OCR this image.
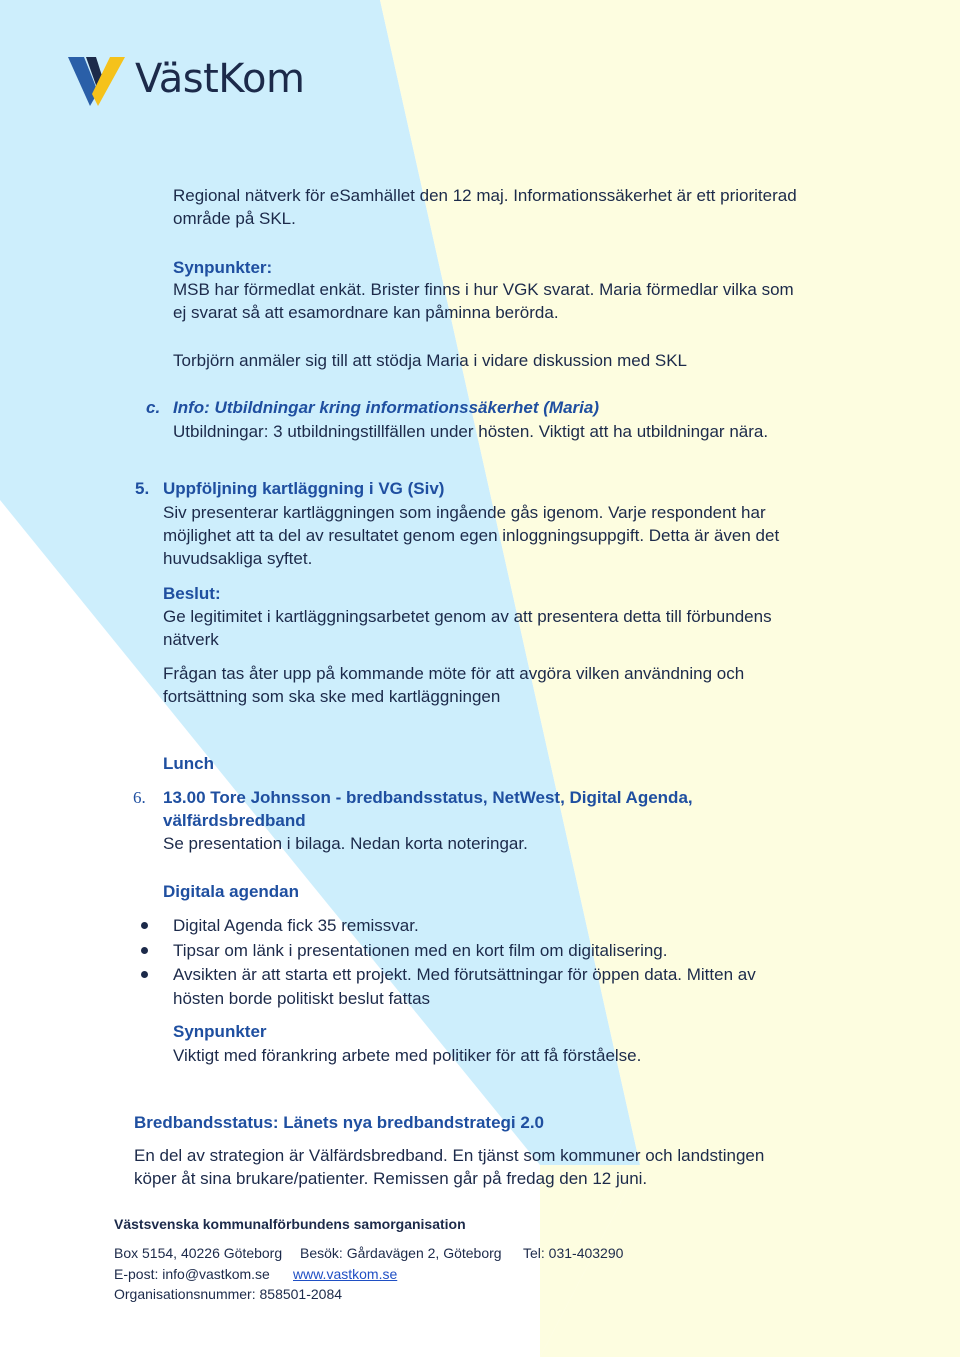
VästKom
Regional nätverk för eSamhället den 12 maj. Informationssäkerhet är ett prioriterad
område på SKL.
Synpunkter:
MSB har förmedlat enkät. Brister finns i hur VGK svarat. Maria förmedlar vilka som
ej svarat så att esamordnare kan påminna berörda.
Torbjörn anmäler sig till att stödja Maria i vidare diskussion med SKL
c. Info: Utbildningar kring informationssäkerhet (Maria)
Utbildningar: 3 utbildningstillfällen under hösten. Viktigt att ha utbildningar nära.
5. Uppföljning kartläggning i VG (Siv)
Siv presenterar kartläggningen som ingående gås igenom. Varje respondent har
möjlighet att ta del av resultatet genom egen inloggningsuppgift. Detta är även det
huvudsakliga syftet.
Beslut:
Ge legitimitet i kartläggningsarbetet genom av att presentera detta till förbundens
nätverk
Frågan tas åter upp på kommande möte för att avgöra vilken användning och
fortsättning som ska ske med kartläggningen
Lunch
6. 13.00 Tore Johnsson - bredbandsstatus, NetWest, Digital Agenda,
välfärdsbredband
Se presentation i bilaga. Nedan korta noteringar.
Digitala agendan
Digital Agenda fick 35 remissvar.
Tipsar om länk i presentationen med en kort film om digitalisering.
Avsikten är att starta ett projekt. Med förutsättningar för öppen data. Mitten av
hösten borde politiskt beslut fattas
Synpunkter
Viktigt med förankring arbete med politiker för att få förståelse.
Bredbandsstatus: Länets nya bredbandstrategi 2.0
En del av strategion är Välfärdsbredband. En tjänst som kommuner och landstingen
köper åt sina brukare/patienter. Remissen går på fredag den 12 juni.
Västsvenska kommunalförbundens samorganisation
Box 5154, 40226 Göteborg Besök: Gårdavägen 2, Göteborg Tel: 031-403290
E-post: info@vastkom.se www.vastkom.se
Organisationsnummer: 858501-2084
